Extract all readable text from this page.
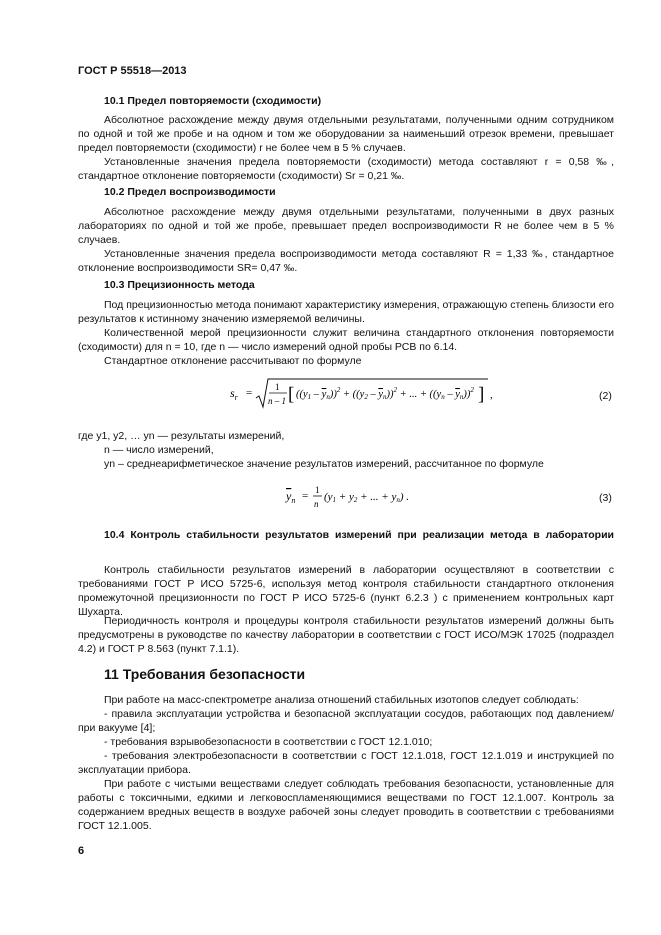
ГОСТ Р 55518—2013
10.1 Предел повторяемости (сходимости)
Абсолютное расхождение между двумя отдельными результатами, полученными одним сотрудником по одной и той же пробе и на одном и том же оборудовании за наименьший отрезок времени, превышает предел повторяемости (сходимости) r не более чем в 5 % случаев.
Установленные значения предела повторяемости (сходимости) метода составляют r = 0,58 ‰, стандартное отклонение повторяемости (сходимости) Sr = 0,21 ‰.
10.2 Предел воспроизводимости
Абсолютное расхождение между двумя отдельными результатами, полученными в двух разных лабораториях по одной и той же пробе, превышает предел воспроизводимости R не более чем в 5 % случаев.
Установленные значения предела воспроизводимости метода составляют R = 1,33 ‰, стандартное отклонение воспроизводимости SR= 0,47 ‰.
10.3 Прецизионность метода
Под прецизионностью метода понимают характеристику измерения, отражающую степень близости его результатов к истинному значению измеряемой величины.
Количественной мерой прецизионности служит величина стандартного отклонения повторяемости (сходимости) для n = 10, где n — число измерений одной пробы РСВ по 6.14.
Стандартное отклонение рассчитывают по формуле
$s_r$ =	1
n – 1 [ ((y1 – yn))$^2$ + ((y2 – yn))$^2$ + ... + ((yn – yn))$^2$ ] ,	(2)
где y1, y2, … yn — результаты измерений,
n — число измерений,
yn – среднеарифметическое значение результатов измерений, рассчитанное по формуле
$y_n = 1$
n
(y1 + y2 + ... + yn) .	(3)
10.4 Контроль стабильности результатов измерений при реализации метода в лаборатории
Контроль стабильности результатов измерений в лаборатории осуществляют в соответствии с требованиями ГОСТ Р ИСО 5725-6, используя метод контроля стабильности стандартного отклонения промежуточной прецизионности по ГОСТ Р ИСО 5725-6 (пункт 6.2.3 ) с применением контрольных карт Шухарта.
Периодичность контроля и процедуры контроля стабильности результатов измерений должны быть предусмотрены в руководстве по качеству лаборатории в соответствии с ГОСТ ИСО/МЭК 17025 (подраздел 4.2) и ГОСТ Р 8.563 (пункт 7.1.1).
11 Требования безопасности
При работе на масс-спектрометре анализа отношений стабильных изотопов следует соблюдать:
- правила эксплуатации устройства и безопасной эксплуатации сосудов, работающих под давлением/при вакууме [4];
- требования взрывобезопасности в соответствии с ГОСТ 12.1.010;
- требования электробезопасности в соответствии с ГОСТ 12.1.018, ГОСТ 12.1.019 и инструкцией по эксплуатации прибора.
При работе с чистыми веществами следует соблюдать требования безопасности, установленные для работы с токсичными, едкими и легковоспламеняющимися веществами по ГОСТ 12.1.007. Контроль за содержанием вредных веществ в воздухе рабочей зоны следует проводить в соответствии с требованиями ГОСТ 12.1.005.
6
